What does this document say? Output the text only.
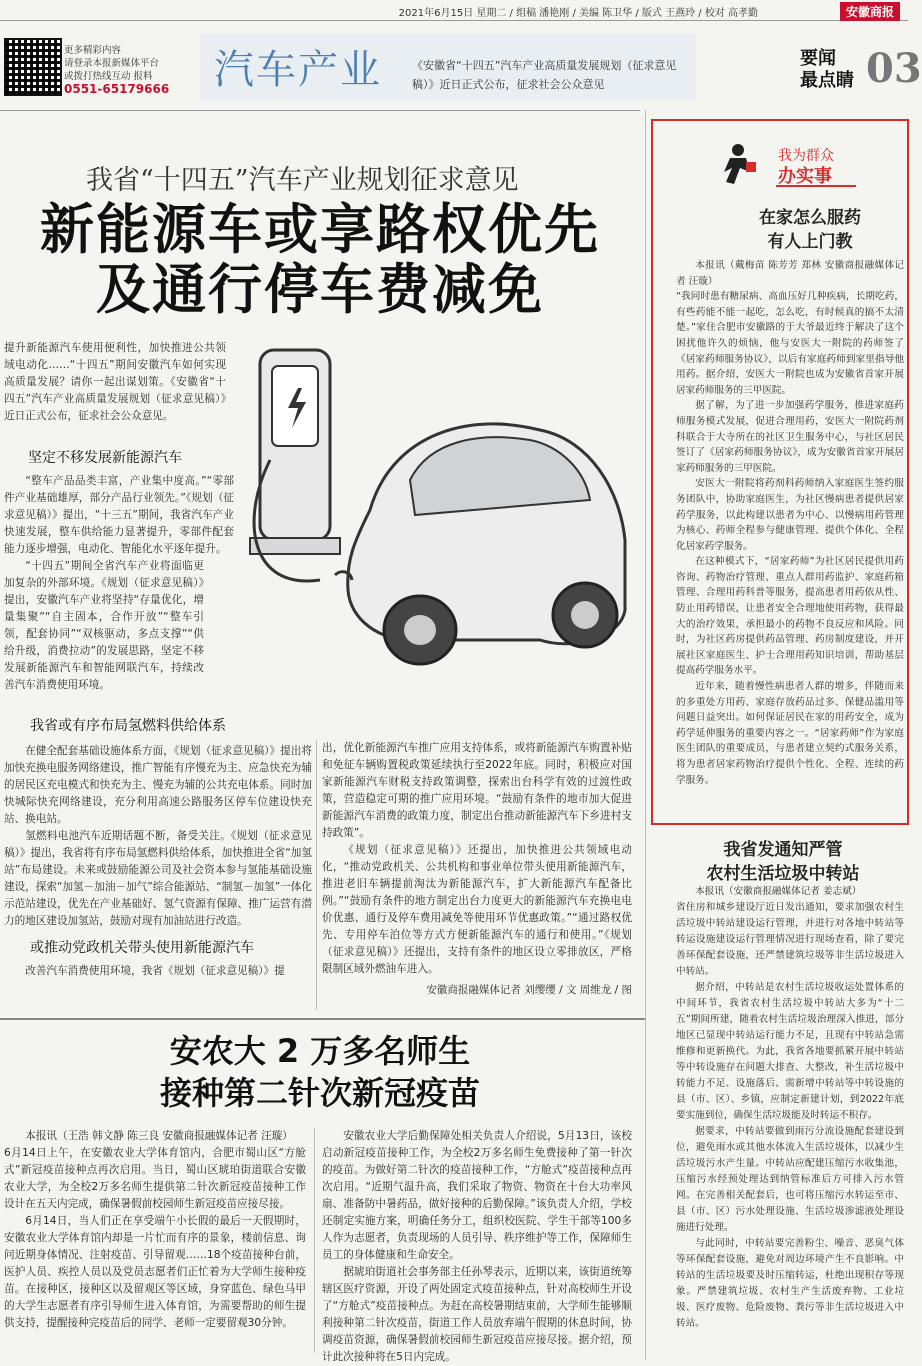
2021年6月15日 星期二 / 组稿 潘艳刚 / 美编 陈卫华 / 版式 王燕玲 / 校对 高孝勤	安徽商报
更多精彩内容
请登录本报新媒体平台
或拨打热线互动 报料
0551-65179666	汽车产业	《安徽省“十四五”汽车产业高质量发展规划（征求意见稿）》近日正式公布，征求社会公众意见
要闻
最点睛 03
我省“十四五”汽车产业规划征求意见
新能源车或享路权优先
及通行停车费减免

提升新能源汽车使用便利性，加快推进公共领域电动化……“十四五”期间安徽汽车如何实现高质量发展？请你一起出谋划策。《安徽省“十四五”汽车产业高质量发展规划（征求意见稿）》近日正式公布，征求社会公众意见。

坚定不移发展新能源汽车

“整车产品品类丰富，产业集中度高。”“零部件产业基础雄厚，部分产品行业领先。”《规划（征求意见稿）》提出，“十三五”期间，我省汽车产业快速发展，整车供给能力显著提升，零部件配套能力逐步增强，电动化、智能化水平逐年提升。

“十四五”期间全省汽车产业将面临更加复杂的外部环境。《规划（征求意见稿）》提出，安徽汽车产业将坚持“存量优化，增量集聚”“自主固本，合作开放”“整车引领，配套协同”“双核驱动，多点支撑”“供给升级，消费拉动”的发展思路，坚定不移发展新能源汽车和智能网联汽车，持续改善汽车消费使用环境。

我省或有序布局氢燃料供给体系

在健全配套基础设施体系方面，《规划（征求意见稿）》提出将加快充换电服务网络建设，推广智能有序慢充为主、应急快充为辅的居民区充电模式和快充为主、慢充为辅的公共充电体系。同时加快城际快充网络建设，充分利用高速公路服务区停车位建设快充站、换电站。

氢燃料电池汽车近期话题不断，备受关注。《规划（征求意见稿）》提出，我省将有序布局氢燃料供给体系，加快推进全省“加氢站”布局建设。未来或鼓励能源公司及社会资本参与氢能基础设施建设，探索“加氢－加油－加气”综合能源站、“制氢－加氢”一体化示范站建设，优先在产业基础好、氢气资源有保障、推广运营有潜力的地区建设加氢站，鼓励对现有加油站进行改造。

或推动党政机关带头使用新能源汽车

改善汽车消费使用环境，我省《规划（征求意见稿）》提

出，优化新能源汽车推广应用支持体系，或将新能源汽车购置补贴和免征车辆购置税政策延续执行至2022年底。同时，积极应对国家新能源汽车财税支持政策调整，探索出台科学有效的过渡性政策，营造稳定可期的推广应用环境。“鼓励有条件的地市加大促进新能源汽车消费的政策力度，制定出台推动新能源汽车下乡进村支持政策”。

《规划（征求意见稿）》还提出，加快推进公共领域电动化，“推动党政机关、公共机构和事业单位带头使用新能源汽车，推进老旧车辆提前淘汰为新能源汽车，扩大新能源汽车配备比例。”“鼓励有条件的地方制定出台力度更大的新能源汽车充换电电价优惠、通行及停车费用减免等使用环节优惠政策。”“通过路权优先、专用停车泊位等方式方便新能源汽车的通行和使用。”《规划（征求意见稿）》还提出，支持有条件的地区设立零排放区，严格限制区域外燃油车进入。

安徽商报融媒体记者 刘缨缨 / 文 周维龙 / 图
我为群众
办实事
在家怎么服药
有人上门教

本报讯（戴梅苗 陈芳芳 郑林 安徽商报融媒体记者 汪璇）

“我同时患有糖尿病、高血压好几种疾病，长期吃药，有些药能不能一起吃，怎么吃，有时候真的搞不太清楚。”家住合肥市安徽路的于大爷最近终于解决了这个困扰他许久的烦恼，他与安医大一附院的药师签了《居家药师服务协议》，以后有家庭药师到家里指导他用药。据介绍，安医大一附院也成为安徽省首家开展居家药师服务的三甲医院。

据了解，为了进一步加强药学服务，推进家庭药师服务模式发展，促进合理用药，安医大一附院药剂科联合于大寺所在的社区卫生服务中心，与社区居民签订了《居家药师服务协议》，成为安徽省首家开展居家药师服务的三甲医院。

安医大一附院将药剂科药师纳入家庭医生签约服务团队中，协助家庭医生，为社区慢病患者提供居家药学服务，以此构建以患者为中心、以慢病用药管理为核心、药师全程参与健康管理、提供个体化、全程化居家药学服务。

在这种模式下，“居家药师”为社区居民提供用药咨询、药物治疗管理、重点人群用药监护、家庭药箱管理、合理用药科普等服务，提高患者用药依从性、防止用药错误，让患者安全合理地使用药物，获得最大的治疗效果，承担最小的药物不良反应和风险。同时，为社区药房提供药品管理、药房制度建设，并开展社区家庭医生、护士合理用药知识培训，帮助基层提高药学服务水平。

近年来，随着慢性病患者人群的增多，伴随而来的多重处方用药、家庭存放药品过多、保健品滥用等问题日益突出。如何保证居民在家的用药安全，成为药学延伸服务的重要内容之一。“居家药师”作为家庭医生团队的重要成员，与患者建立契约式服务关系，将为患者居家药物治疗提供个性化、全程、连续的药学服务。

我省发通知严管
农村生活垃圾中转站

本报讯（安徽商报融媒体记者 姜志斌）

省住房和城乡建设厅近日发出通知，要求加强农村生活垃圾中转站建设运行管理，并进行对各地中转站等转运设施建设运行管理情况进行现场查看，除了要完善环保配套设施，还严禁建筑垃圾等非生活垃圾进入中转站。

据介绍，中转站是农村生活垃圾收运处置体系的中间环节，我省农村生活垃圾中转站大多为“十二五”期间所建，随着农村生活垃圾治理深入推进，部分地区已显现中转站运行能力不足，且现有中转站急需维修和更新换代。为此，我省各地要抓紧开展中转站等中转设施存在问题大排查、大整改，补生活垃圾中转能力不足、设施落后、需新增中转站等中转设施的县（市、区）、乡镇，应制定新建计划，到2022年底要实施到位，确保生活垃圾能及时转运不积存。

据要求，中转站要做到雨污分流设施配套建设到位，避免雨水或其他水体流入生活垃圾体，以减少生活垃圾污水产生量。中转站应配建压缩污水收集池，压缩污水经预处理达到纳管标准后方可排入污水管网。在完善相关配套后，也可将压缩污水转运至市、县（市、区）污水处理设施、生活垃圾渗滤液处理设施进行处理。

与此同时，中转站要完善粉尘、噪音、恶臭气体等环保配套设施，避免对周边环境产生不良影响。中转站的生活垃圾要及时压缩转运，杜绝出现积存等现象。严禁建筑垃圾、农村生产生活废弃物、工业垃圾、医疗废物、危险废物、粪污等非生活垃圾进入中转站。

安农大 2 万多名师生
接种第二针次新冠疫苗

本报讯（王浩 韩文静 陈三良 安徽商报融媒体记者 汪璇）

6月14日上午，在安徽农业大学体育馆内，合肥市蜀山区“方舱式”新冠疫苗接种点再次启用。当日，蜀山区琥珀街道联合安徽农业大学，为全校2万多名师生提供第二针次新冠疫苗接种工作设计在五天内完成，确保暑假前校园师生新冠疫苗应接尽接。

6月14日，当人们正在享受端午小长假的最后一天假期时，安徽农业大学体育馆内却是一片忙而有序的景象，楼前信息、询问近期身体情况、注射疫苗、引导留观……18个疫苗接种台前，医护人员、疾控人员以及党员志愿者们正忙着为大学师生接种疫苗。在接种区，接种区以及留观区等区域，身穿蓝色、绿色马甲的大学生志愿者有序引导师生进入体育馆，为需要帮助的师生提供支持，提醒接种完疫苗后的同学、老师一定要留观30分钟。

安徽农业大学后勤保障处相关负责人介绍说，5月13日，该校启动新冠疫苗接种工作，为全校2万多名师生免费接种了第一针次的疫苗。为做好第二针次的疫苗接种工作，“方舱式”疫苗接种点再次启用。“近期气温升高，我们采取了物资、物资在十台大功率风扇、准备防中暑药品，做好接种的后勤保障。”该负责人介绍，学校还制定实施方案，明确任务分工，组织校医院、学生干部等100多人作为志愿者，负责现场的人员引导、秩序维护等工作，保障师生员工的身体健康和生命安全。

据琥珀街道社会事务部主任孙琴表示，近期以来，该街道统筹辖区医疗资源，开设了两处固定式疫苗接种点，针对高校师生开设了“方舱式”疫苗接种点。为赶在高校暑期结束前，大学师生能够顺利接种第二针次疫苗，街道工作人员放弃端午假期的休息时间，协调疫苗资源，确保暑假前校园师生新冠疫苗应接尽接。据介绍，预计此次接种将在5日内完成。
